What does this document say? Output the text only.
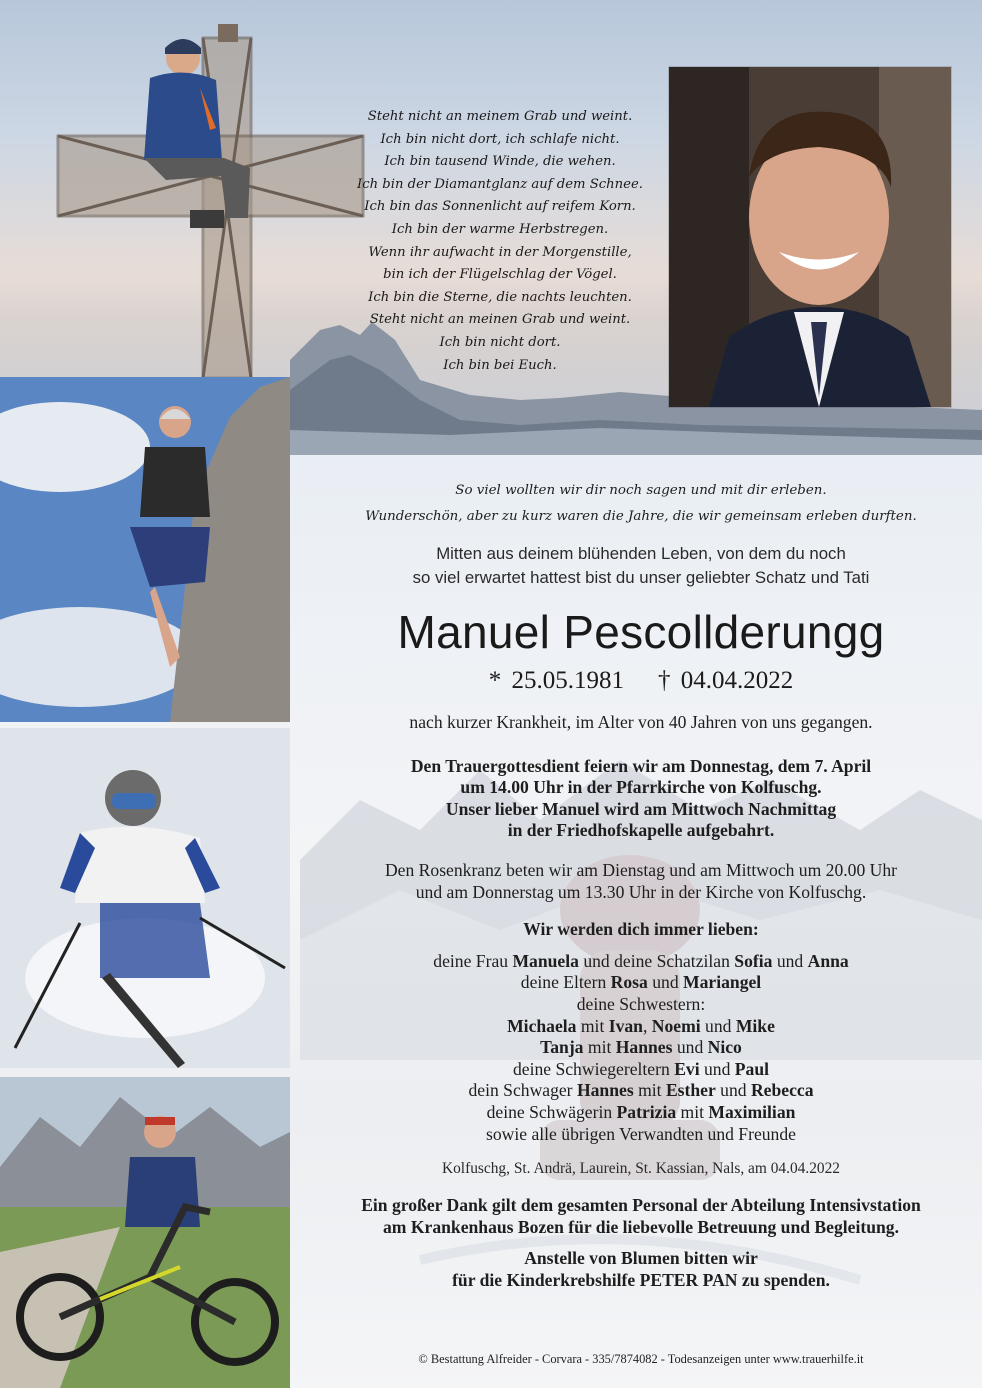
Steht nicht an meinem Grab und weint.
Ich bin nicht dort, ich schlafe nicht.
Ich bin tausend Winde, die wehen.
Ich bin der Diamantglanz auf dem Schnee.
Ich bin das Sonnenlicht auf reifem Korn.
Ich bin der warme Herbstregen.
Wenn ihr aufwacht in der Morgenstille,
bin ich der Flügelschlag der Vögel.
Ich bin die Sterne, die nachts leuchten.
Steht nicht an meinen Grab und weint.
Ich bin nicht dort.
Ich bin bei Euch.
So viel wollten wir dir noch sagen und mit dir erleben.
Wunderschön, aber zu kurz waren die Jahre, die wir gemeinsam erleben durften.
Mitten aus deinem blühenden Leben, von dem du noch
so viel erwartet hattest bist du unser geliebter Schatz und Tati
Manuel Pescollderungg
* 25.05.1981 † 04.04.2022
nach kurzer Krankheit, im Alter von 40 Jahren von uns gegangen.
Den Trauergottesdient feiern wir am Donnestag, dem 7. April
um 14.00 Uhr in der Pfarrkirche von Kolfuschg.
Unser lieber Manuel wird am Mittwoch Nachmittag
in der Friedhofskapelle aufgebahrt.
Den Rosenkranz beten wir am Dienstag und am Mittwoch um 20.00 Uhr
und am Donnerstag um 13.30 Uhr in der Kirche von Kolfuschg.
Wir werden dich immer lieben:
deine Frau Manuela und deine Schatzilan Sofia und Anna
deine Eltern Rosa und Mariangel
deine Schwestern:
Michaela mit Ivan, Noemi und Mike
Tanja mit Hannes und Nico
deine Schwiegereltern Evi und Paul
dein Schwager Hannes mit Esther und Rebecca
deine Schwägerin Patrizia mit Maximilian
sowie alle übrigen Verwandten und Freunde
Kolfuschg, St. Andrä, Laurein, St. Kassian, Nals, am 04.04.2022
Ein großer Dank gilt dem gesamten Personal der Abteilung Intensivstation
am Krankenhaus Bozen für die liebevolle Betreuung und Begleitung.
Anstelle von Blumen bitten wir
für die Kinderkrebshilfe PETER PAN zu spenden.
© Bestattung Alfreider - Corvara - 335/7874082 - Todesanzeigen unter www.trauerhilfe.it
